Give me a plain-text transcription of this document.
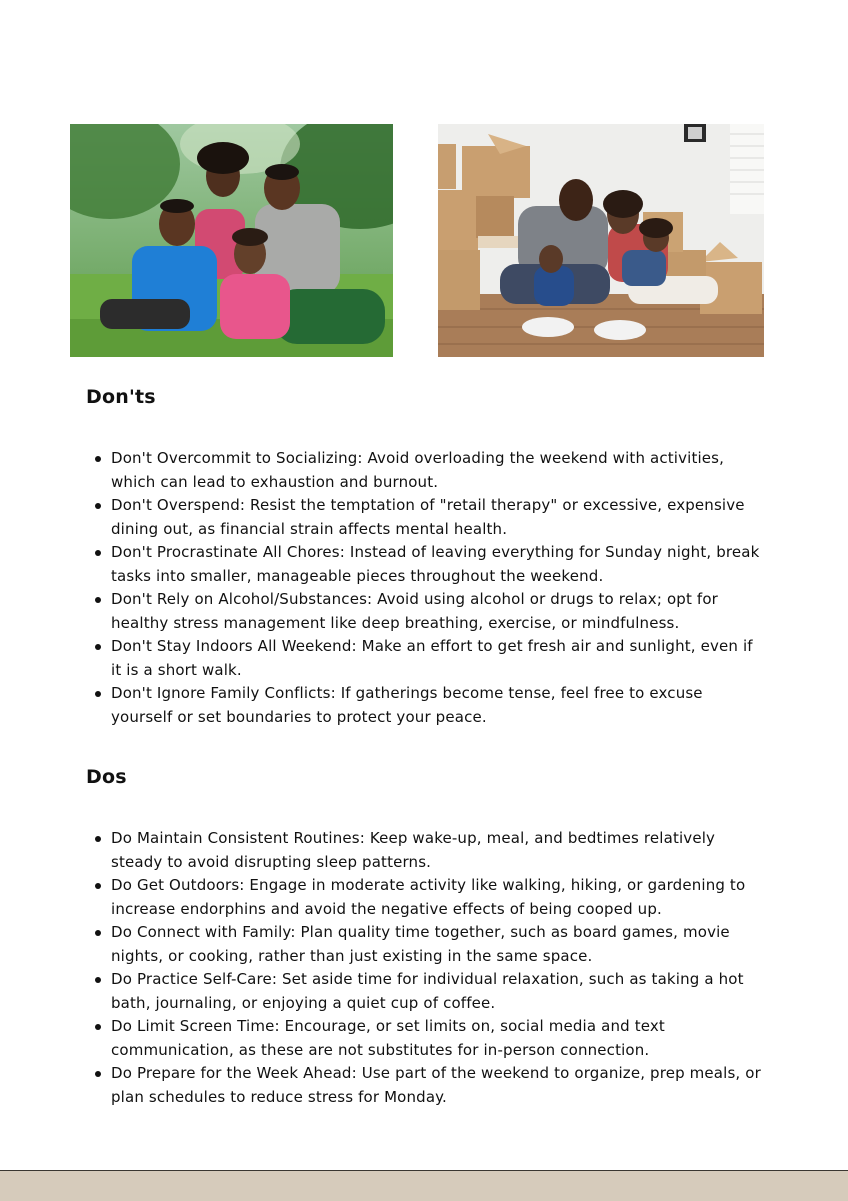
Don'ts
Don't Overcommit to Socializing: Avoid overloading the weekend with activities, which can lead to exhaustion and burnout.
Don't Overspend: Resist the temptation of "retail therapy" or excessive, expensive dining out, as financial strain affects mental health.
Don't Procrastinate All Chores: Instead of leaving everything for Sunday night, break tasks into smaller, manageable pieces throughout the weekend.
Don't Rely on Alcohol/Substances: Avoid using alcohol or drugs to relax; opt for healthy stress management like deep breathing, exercise, or mindfulness.
Don't Stay Indoors All Weekend: Make an effort to get fresh air and sunlight, even if it is a short walk.
Don't Ignore Family Conflicts: If gatherings become tense, feel free to excuse yourself or set boundaries to protect your peace.
Dos
Do Maintain Consistent Routines: Keep wake-up, meal, and bedtimes relatively steady to avoid disrupting sleep patterns.
Do Get Outdoors: Engage in moderate activity like walking, hiking, or gardening to increase endorphins and avoid the negative effects of being cooped up.
Do Connect with Family: Plan quality time together, such as board games, movie nights, or cooking, rather than just existing in the same space.
Do Practice Self-Care: Set aside time for individual relaxation, such as taking a hot bath, journaling, or enjoying a quiet cup of coffee.
Do Limit Screen Time: Encourage, or set limits on, social media and text communication, as these are not substitutes for in-person connection.
Do Prepare for the Week Ahead: Use part of the weekend to organize, prep meals, or plan schedules to reduce stress for Monday.
